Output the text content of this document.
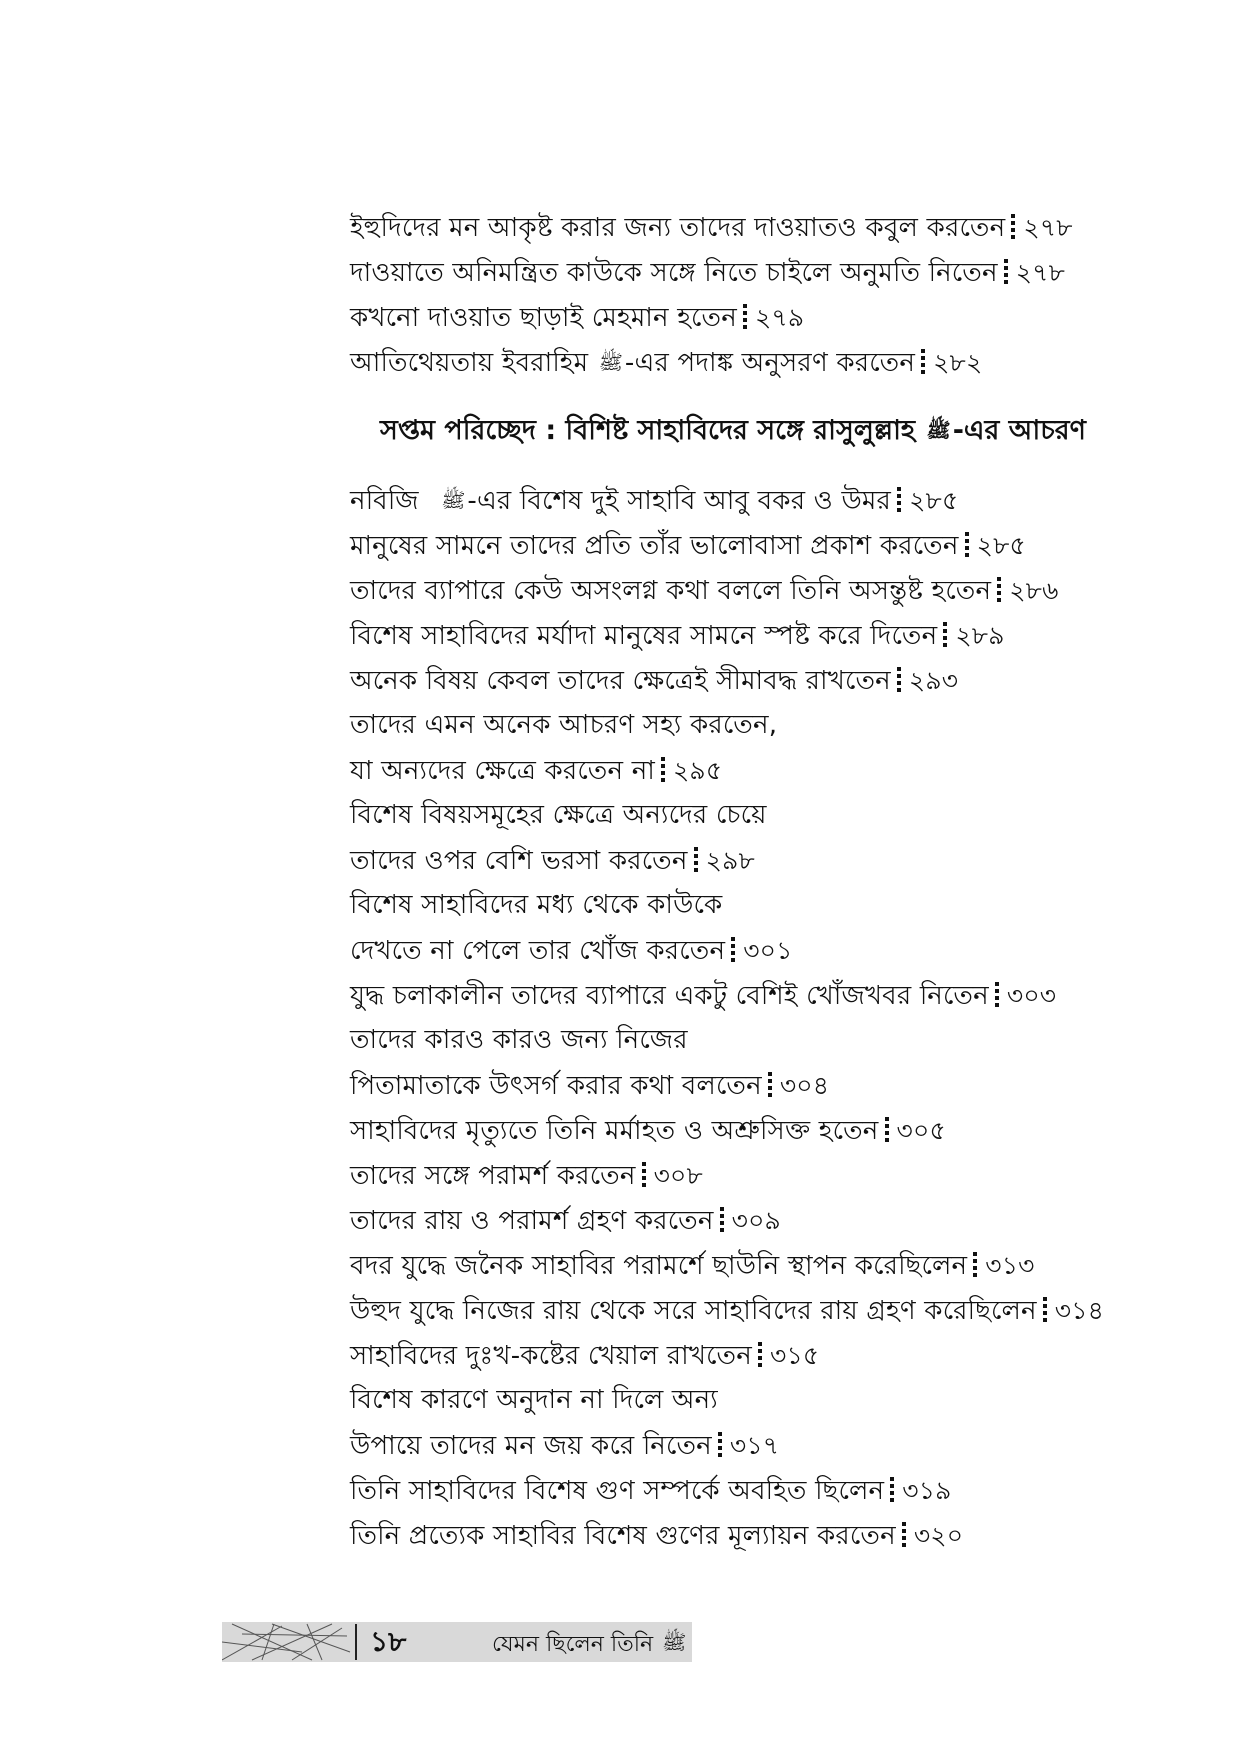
ইহুদিদের মন আকৃষ্ট করার জন্য তাদের দাওয়াতও কবুল করতেন ২৭৮
দাওয়াতে অনিমন্ত্রিত কাউকে সঙ্গে নিতে চাইলে অনুমতি নিতেন ২৭৮
কখনো দাওয়াত ছাড়াই মেহমান হতেন ২৭৯
আতিথেয়তায় ইবরাহিম ﷺ-এর পদাঙ্ক অনুসরণ করতেন ২৮২
সপ্তম পরিচ্ছেদ : বিশিষ্ট সাহাবিদের সঙ্গে রাসুলুল্লাহ ﷺ-এর আচরণ
নবিজি ﷺ-এর বিশেষ দুই সাহাবি আবু বকর ও উমর ২৮৫
মানুষের সামনে তাদের প্রতি তাঁর ভালোবাসা প্রকাশ করতেন ২৮৫
তাদের ব্যাপারে কেউ অসংলগ্ন কথা বললে তিনি অসন্তুষ্ট হতেন ২৮৬
বিশেষ সাহাবিদের মর্যাদা মানুষের সামনে স্পষ্ট করে দিতেন ২৮৯
অনেক বিষয় কেবল তাদের ক্ষেত্রেই সীমাবদ্ধ রাখতেন ২৯৩
তাদের এমন অনেক আচরণ সহ্য করতেন,
যা অন্যদের ক্ষেত্রে করতেন না ২৯৫
বিশেষ বিষয়সমূহের ক্ষেত্রে অন্যদের চেয়ে
তাদের ওপর বেশি ভরসা করতেন ২৯৮
বিশেষ সাহাবিদের মধ্য থেকে কাউকে
দেখতে না পেলে তার খোঁজ করতেন ৩০১
যুদ্ধ চলাকালীন তাদের ব্যাপারে একটু বেশিই খোঁজখবর নিতেন ৩০৩
তাদের কারও কারও জন্য নিজের
পিতামাতাকে উৎসর্গ করার কথা বলতেন ৩০৪
সাহাবিদের মৃত্যুতে তিনি মর্মাহত ও অশ্রুসিক্ত হতেন ৩০৫
তাদের সঙ্গে পরামর্শ করতেন ৩০৮
তাদের রায় ও পরামর্শ গ্রহণ করতেন ৩০৯
বদর যুদ্ধে জনৈক সাহাবির পরামর্শে ছাউনি স্থাপন করেছিলেন ৩১৩
উহুদ যুদ্ধে নিজের রায় থেকে সরে সাহাবিদের রায় গ্রহণ করেছিলেন ৩১৪
সাহাবিদের দুঃখ-কষ্টের খেয়াল রাখতেন ৩১৫
বিশেষ কারণে অনুদান না দিলে অন্য
উপায়ে তাদের মন জয় করে নিতেন ৩১৭
তিনি সাহাবিদের বিশেষ গুণ সম্পর্কে অবহিত ছিলেন ৩১৯
তিনি প্রত্যেক সাহাবির বিশেষ গুণের মূল্যায়ন করতেন ৩২০
১৮	যেমন ছিলেন তিনি ﷺ
